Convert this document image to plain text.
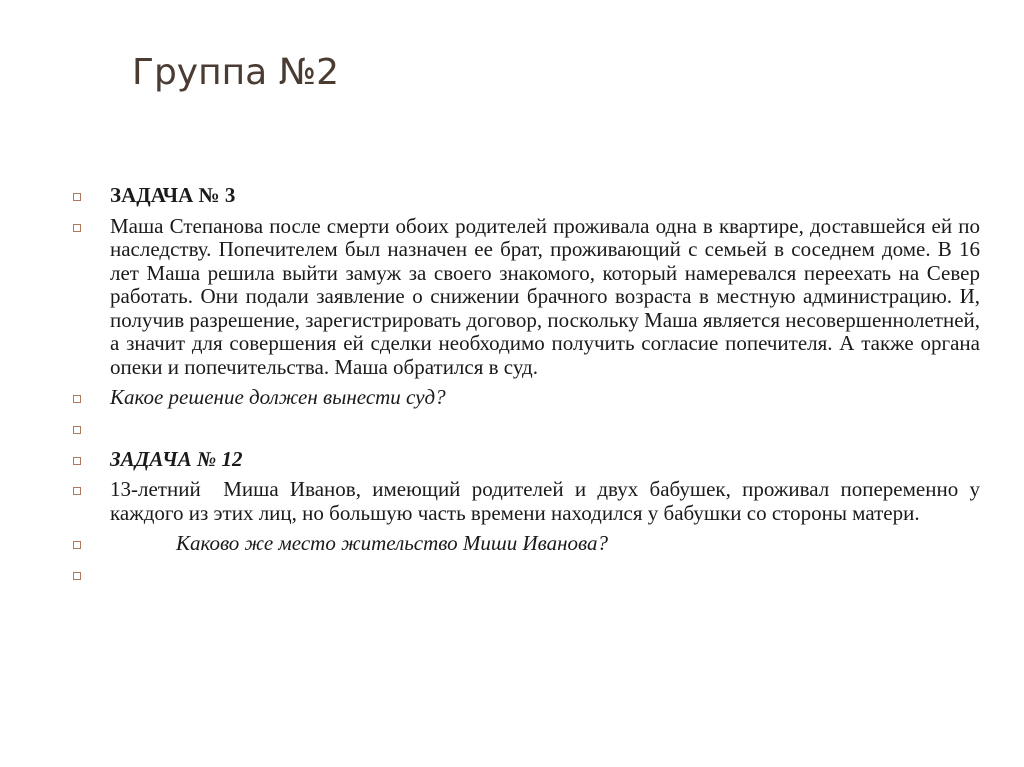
Группа №2
ЗАДАЧА № 3
Маша Степанова после смерти обоих родителей проживала одна в квартире, доставшейся ей по наследству. Попечителем был назначен ее брат, проживающий с семьей в соседнем доме. В 16 лет Маша решила выйти замуж за своего знакомого, который намеревался переехать на Север работать. Они подали заявление о снижении брачного возраста в местную администрацию. И, получив разрешение, зарегистрировать договор, поскольку Маша является несовершеннолетней, а значит для совершения ей сделки необходимо получить согласие попечителя. А также органа опеки и попечительства. Маша обратился в суд.
Какое решение должен вынести суд?
ЗАДАЧА № 12
13-летний  Миша Иванов, имеющий родителей и двух бабушек, проживал попеременно у каждого из этих лиц, но большую часть времени находился у бабушки со стороны матери.
Каково же место жительство Миши Иванова?
